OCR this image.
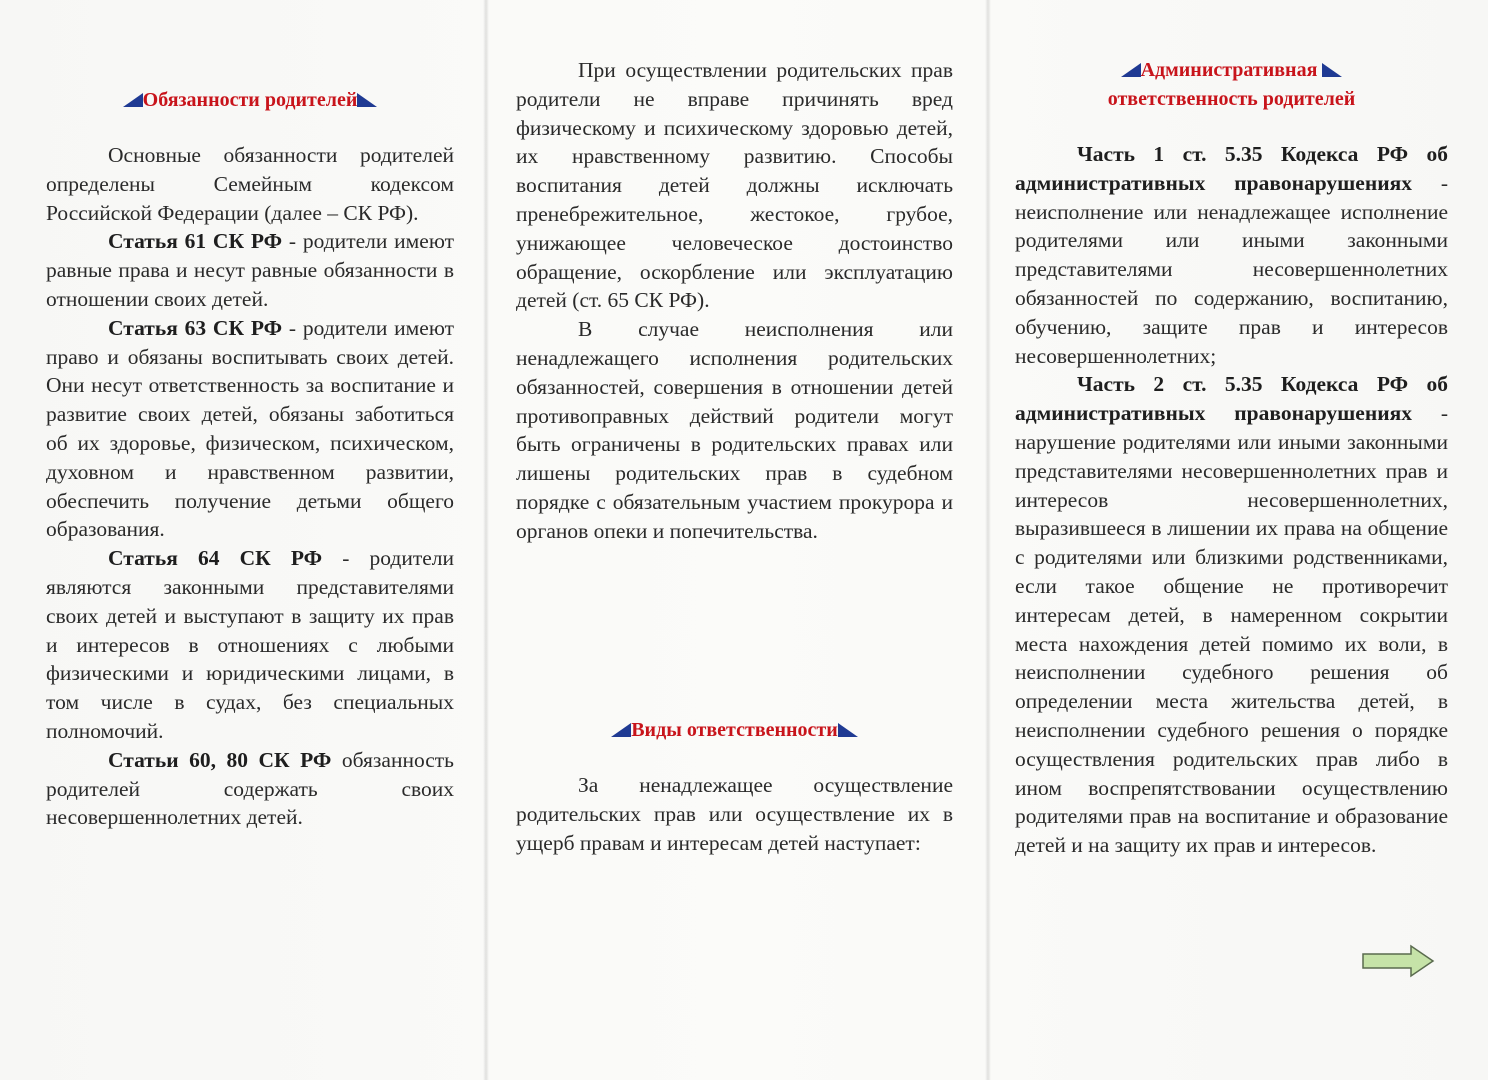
Обязанности родителей

Основные обязанности родителей определены Семейным кодексом Российской Федерации (далее – СК РФ).

Статья 61 СК РФ - родители имеют равные права и несут равные обязанности в отношении своих детей.

Статья 63 СК РФ - родители имеют право и обязаны воспитывать своих детей. Они несут ответственность за воспитание и развитие своих детей, обязаны заботиться об их здоровье, физическом, психическом, духовном и нравственном развитии, обеспечить получение детьми общего образования.

Статья 64 СК РФ - родители являются законными представителями своих детей и выступают в защиту их прав и интересов в отношениях с любыми физическими и юридическими лицами, в том числе в судах, без специальных полномочий.

Статьи 60, 80 СК РФ обязанность родителей содержать своих несовершеннолетних детей.

При осуществлении родительских прав родители не вправе причинять вред физическому и психическому здоровью детей, их нравственному развитию. Способы воспитания детей должны исключать пренебрежительное, жестокое, грубое, унижающее человеческое достоинство обращение, оскорбление или эксплуатацию детей (ст. 65 СК РФ).

В случае неисполнения или ненадлежащего исполнения родительских обязанностей, совершения в отношении детей противоправных действий родители могут быть ограничены в родительских правах или лишены родительских прав в судебном порядке с обязательным участием прокурора и органов опеки и попечительства.

Виды ответственности

За ненадлежащее осуществление родительских прав или осуществление их в ущерб правам и интересам детей наступает:

Административная
ответственность родителей

Часть 1 ст. 5.35 Кодекса РФ об административных правонарушениях - неисполнение или ненадлежащее исполнение родителями или иными законными представителями несовершеннолетних обязанностей по содержанию, воспитанию, обучению, защите прав и интересов несовершеннолетних;

Часть 2 ст. 5.35 Кодекса РФ об административных правонарушениях - нарушение родителями или иными законными представителями несовершеннолетних прав и интересов несовершеннолетних, выразившееся в лишении их права на общение с родителями или близкими родственниками, если такое общение не противоречит интересам детей, в намеренном сокрытии места нахождения детей помимо их воли, в неисполнении судебного решения об определении места жительства детей, в неисполнении судебного решения о порядке осуществления родительских прав либо в ином воспрепятствовании осуществлению родителями прав на воспитание и образование детей и на защиту их прав и интересов.
